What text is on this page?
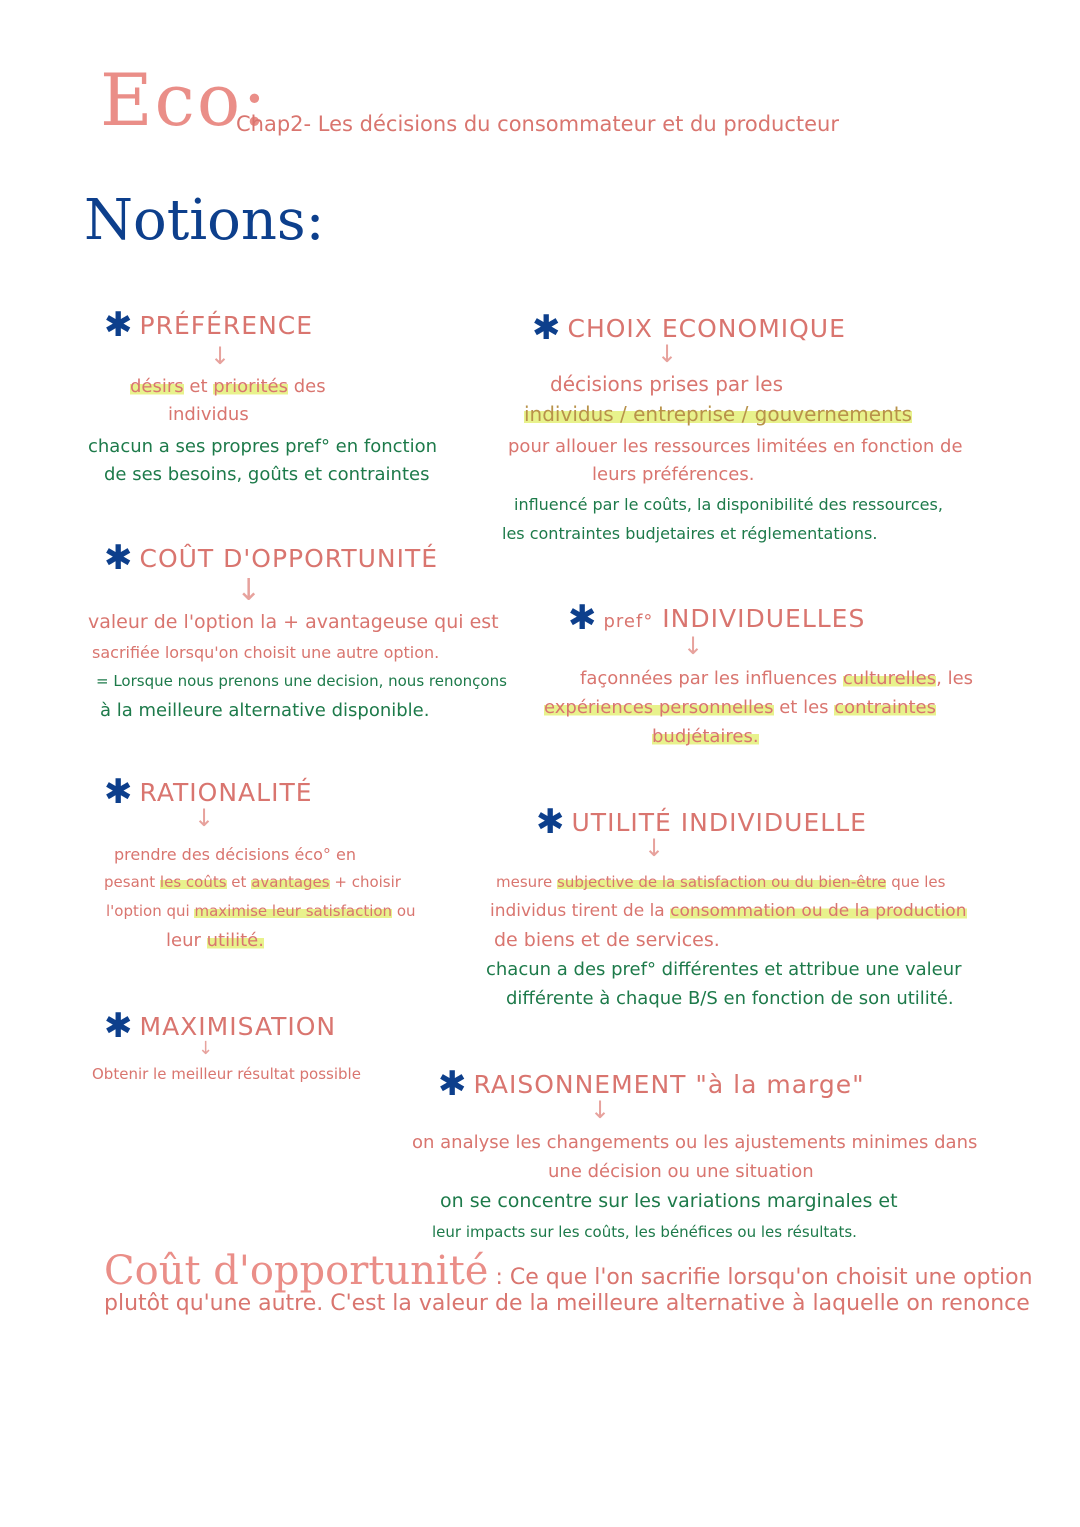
Eco:
Chap2- Les décisions du consommateur et du producteur
Notions:
✱ PRÉFÉRENCE
↓
désirs et priorités des
individus
chacun a ses propres pref° en fonction
de ses besoins, goûts et contraintes
✱ CHOIX ECONOMIQUE
↓
décisions prises par les
individus / entreprise / gouvernements
pour allouer les ressources limitées en fonction de
leurs préférences.
influencé par le coûts, la disponibilité des ressources,
les contraintes budjetaires et réglementations.
✱ COÛT D'OPPORTUNITÉ
↓
valeur de l'option la + avantageuse qui est
sacrifiée lorsqu'on choisit une autre option.
= Lorsque nous prenons une decision, nous renonçons
à la meilleure alternative disponible.
✱ pref° INDIVIDUELLES
↓
façonnées par les influences culturelles, les
expériences personnelles et les contraintes
budjétaires.
✱ RATIONALITÉ
↓
prendre des décisions éco° en
pesant les coûts et avantages + choisir
l'option qui maximise leur satisfaction ou
leur utilité.
✱ UTILITÉ INDIVIDUELLE
↓
mesure subjective de la satisfaction ou du bien-être que les
individus tirent de la consommation ou de la production
de biens et de services.
chacun a des pref° différentes et attribue une valeur
différente à chaque B/S en fonction de son utilité.
✱ MAXIMISATION
↓
Obtenir le meilleur résultat possible ✱ RAISONNEMENT "à la marge"
↓
on analyse les changements ou les ajustements minimes dans
une décision ou une situation
on se concentre sur les variations marginales et
leur impacts sur les coûts, les bénéfices ou les résultats.
Coût d'opportunité : Ce que l'on sacrifie lorsqu'on choisit une option plutôt qu'une autre. C'est la valeur de la meilleure alternative à laquelle on renonce
